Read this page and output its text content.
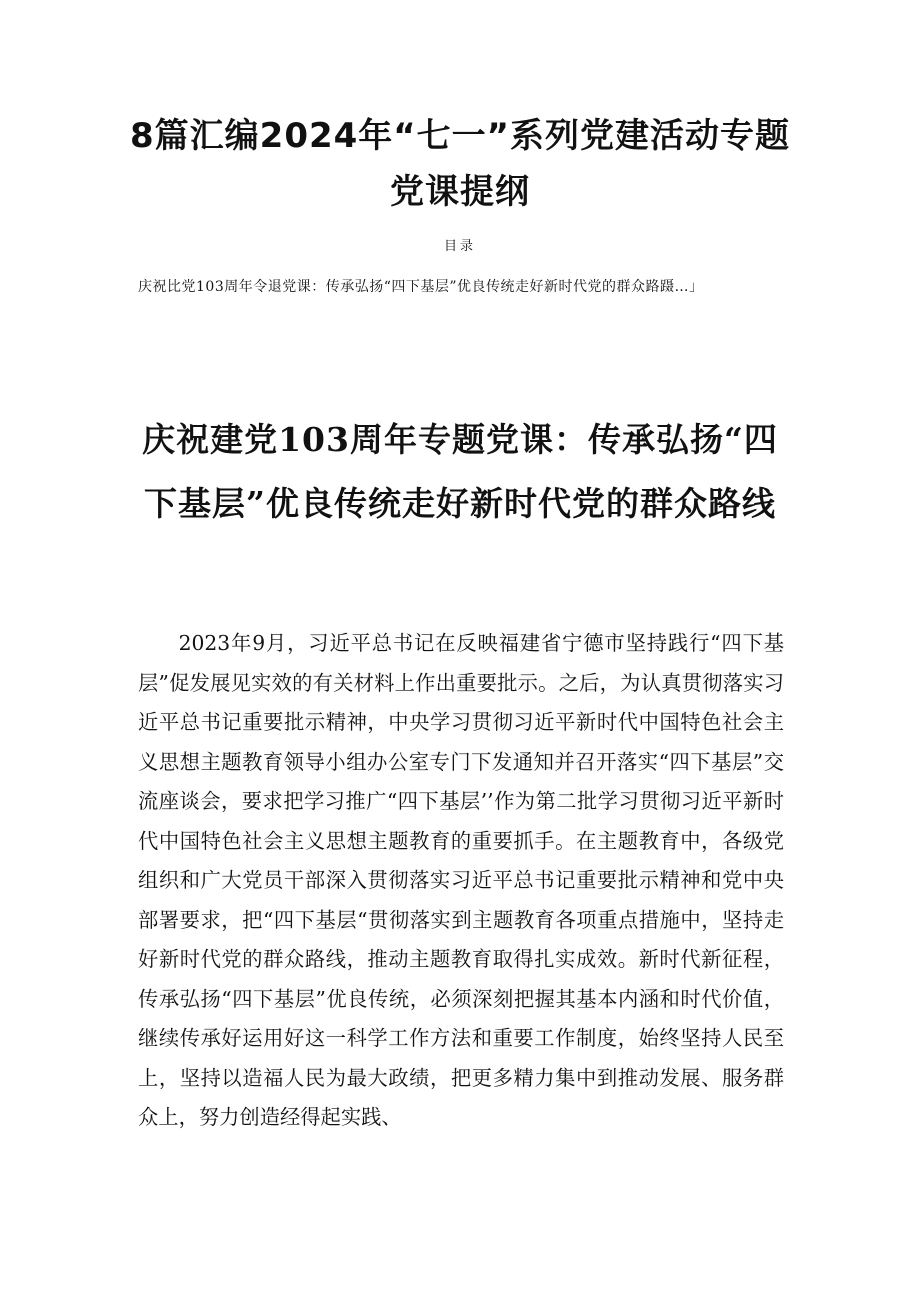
8篇汇编2024年“七一”系列党建活动专题党课提纲
目录
庆祝比党103周年令退党课：传承弘扬“四下基层”优良传统走好新时代党的群众路蹑…」
庆祝建党103周年专题党课：传承弘扬“四下基层”优良传统走好新时代党的群众路线

2023年9月，习近平总书记在反映福建省宁德市坚持践行“四下基层”促发展见实效的有关材料上作出重要批示。之后，为认真贯彻落实习近平总书记重要批示精神，中央学习贯彻习近平新时代中国特色社会主义思想主题教育领导小组办公室专门下发通知并召开落实“四下基层”交流座谈会，要求把学习推广“四下基层’’作为第二批学习贯彻习近平新时代中国特色社会主义思想主题教育的重要抓手。在主题教育中，各级党组织和广大党员干部深入贯彻落实习近平总书记重要批示精神和党中央部署要求，把“四下基层“贯彻落实到主题教育各项重点措施中，坚持走好新时代党的群众路线，推动主题教育取得扎实成效。新时代新征程，传承弘扬“四下基层”优良传统，必须深刻把握其基本内涵和时代价值，继续传承好运用好这一科学工作方法和重要工作制度，始终坚持人民至上，坚持以造福人民为最大政绩，把更多精力集中到推动发展、服务群众上，努力创造经得起实践、
